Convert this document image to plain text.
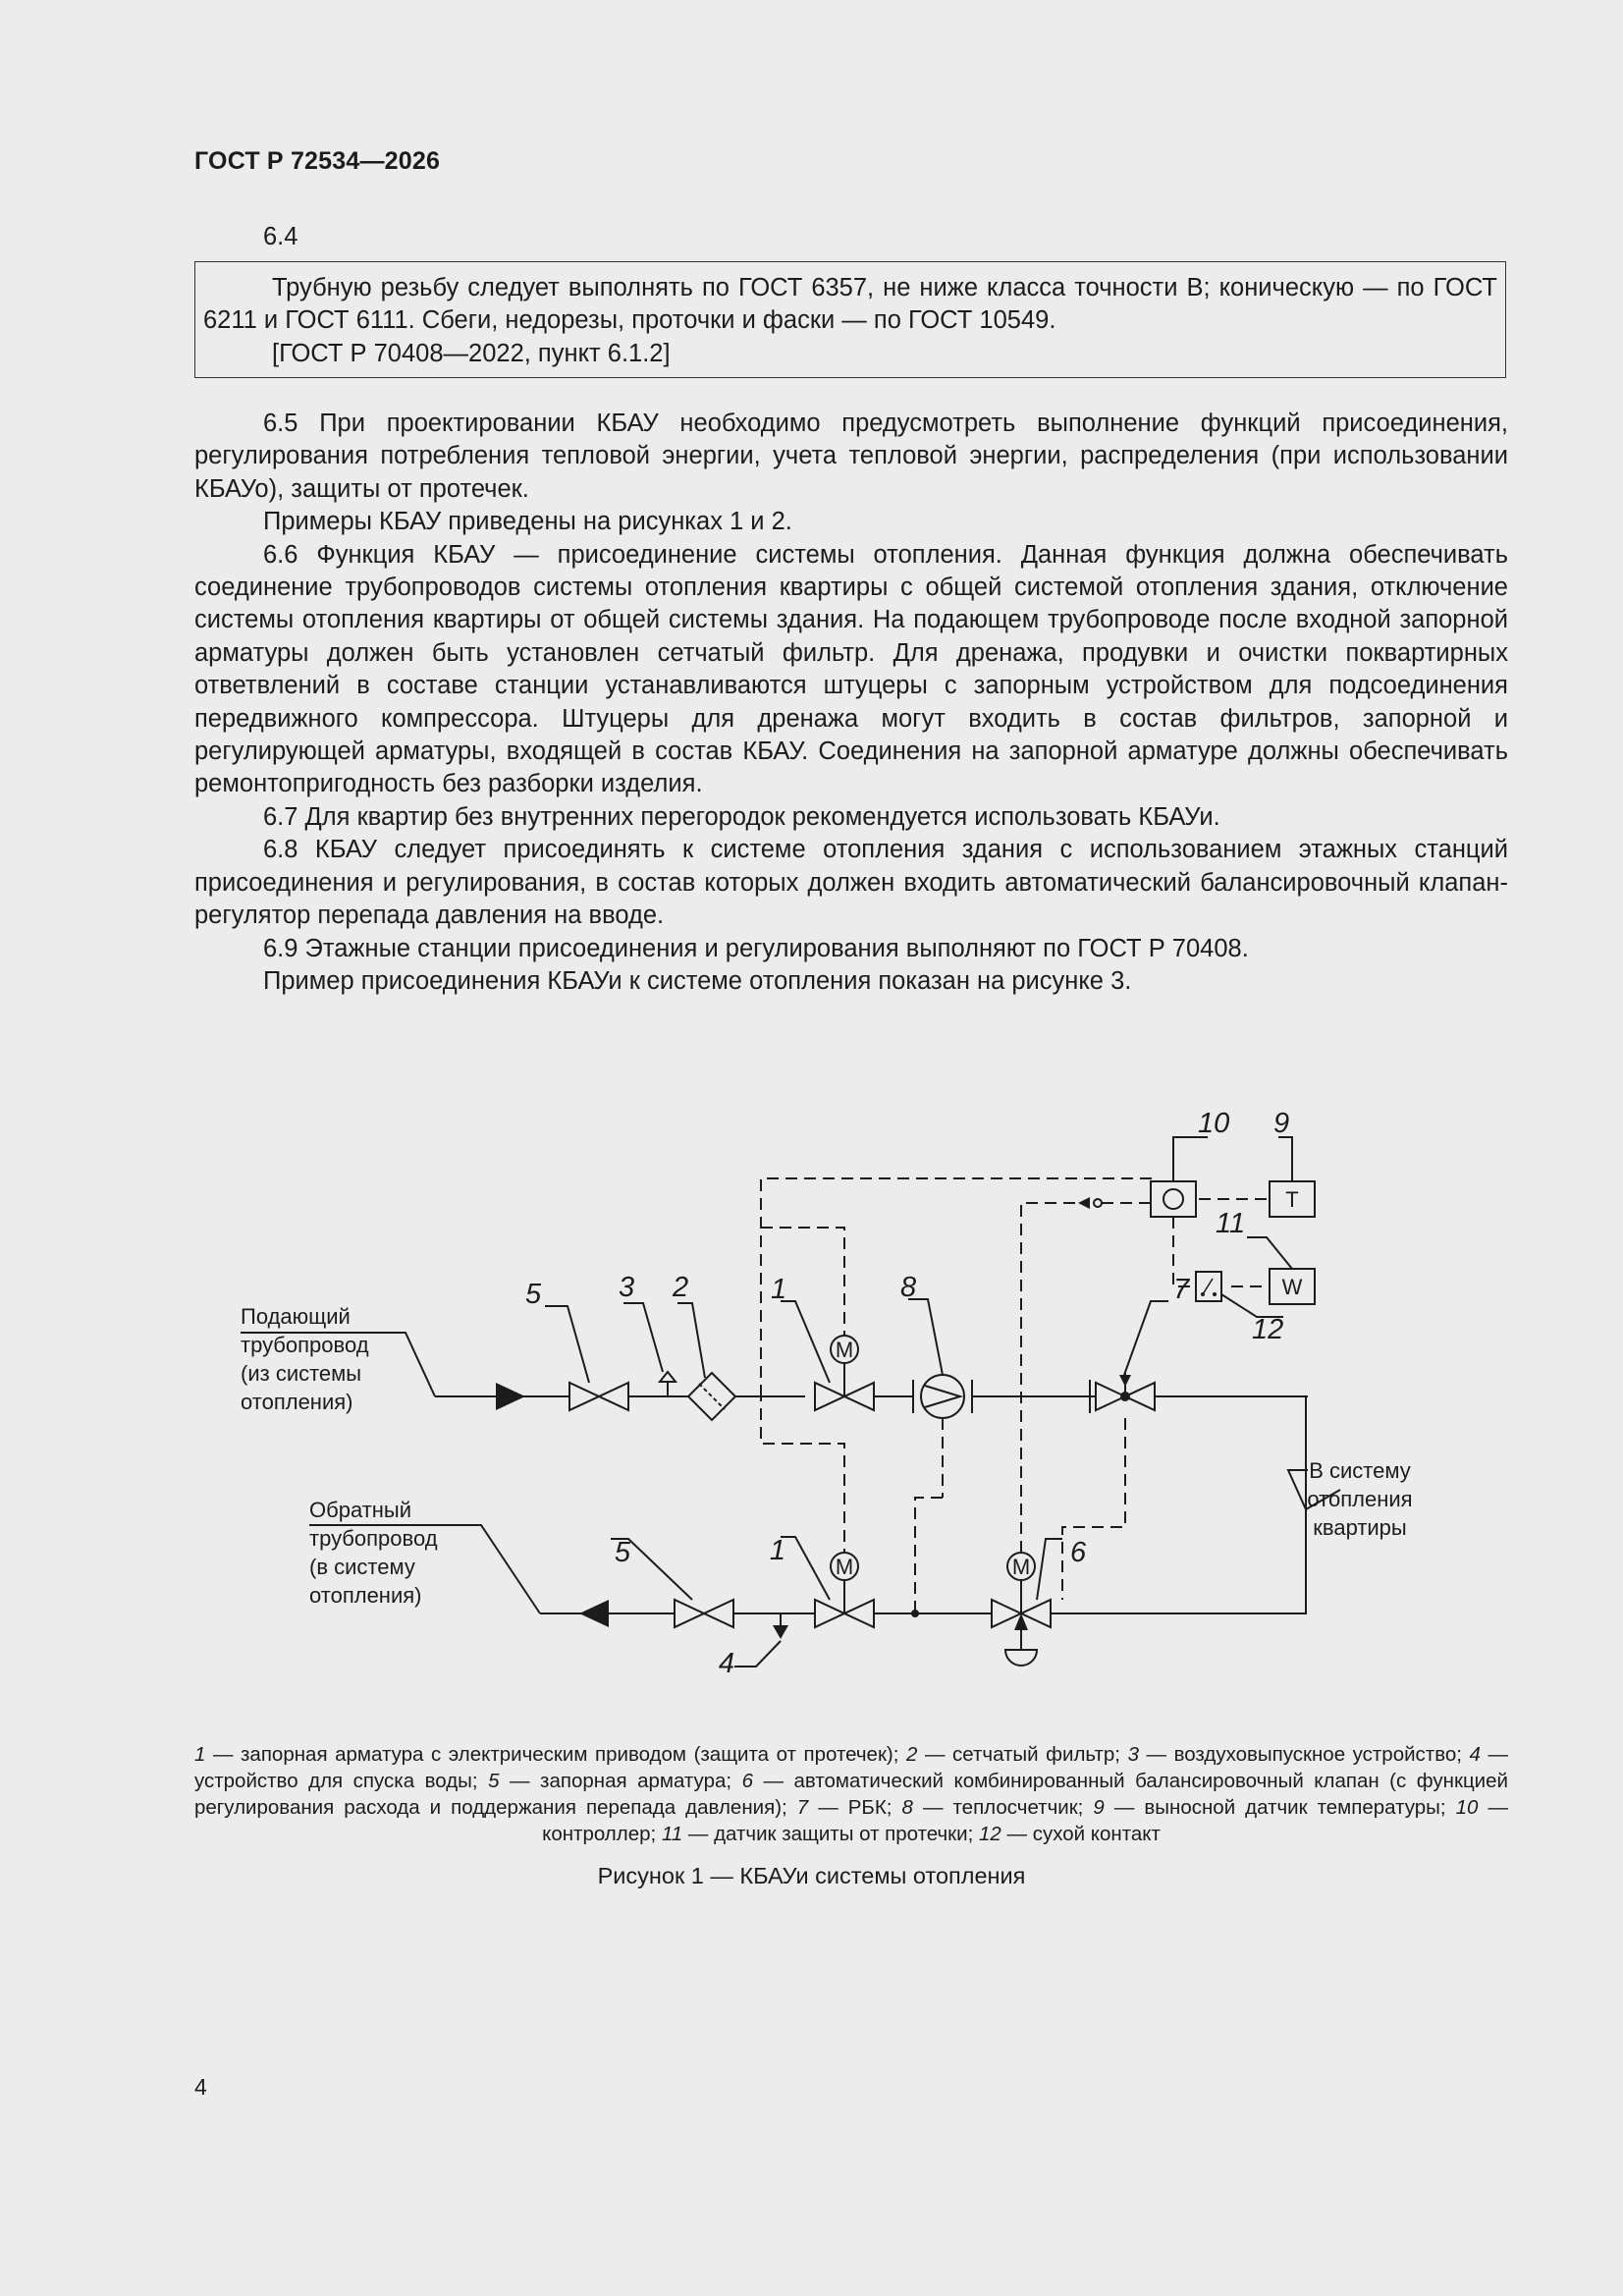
ГОСТ Р 72534—2026
6.4

Трубную резьбу следует выполнять по ГОСТ 6357, не ниже класса точности В; коническую — по ГОСТ 6211 и ГОСТ 6111. Сбеги, недорезы, проточки и фаски — по ГОСТ 10549.

[ГОСТ Р 70408—2022, пункт 6.1.2]

6.5 При проектировании КБАУ необходимо предусмотреть выполнение функций присоединения, регулирования потребления тепловой энергии, учета тепловой энергии, распределения (при использовании КБАУо), защиты от протечек.

Примеры КБАУ приведены на рисунках 1 и 2.

6.6 Функция КБАУ — присоединение системы отопления. Данная функция должна обеспечивать соединение трубопроводов системы отопления квартиры с общей системой отопления здания, отключение системы отопления квартиры от общей системы здания. На подающем трубопроводе после входной запорной арматуры должен быть установлен сетчатый фильтр. Для дренажа, продувки и очистки поквартирных ответвлений в составе станции устанавливаются штуцеры с запорным устройством для подсоединения передвижного компрессора. Штуцеры для дренажа могут входить в состав фильтров, запорной и регулирующей арматуры, входящей в состав КБАУ. Соединения на запорной арматуре должны обеспечивать ремонтопригодность без разборки изделия.

6.7 Для квартир без внутренних перегородок рекомендуется использовать КБАУи.

6.8 КБАУ следует присоединять к системе отопления здания с использованием этажных станций присоединения и регулирования, в состав которых должен входить автоматический балансировочный клапан-регулятор перепада давления на вводе.

6.9 Этажные станции присоединения и регулирования выполняют по ГОСТ Р 70408.

Пример присоединения КБАУи к системе отопления показан на рисунке 3.

M
M	M
T
W
5	3 2	1	8	7
12
10 9
11
5	1	6
4
Подающий
трубопровод
(из системы
отопления)
Обратный
трубопровод
(в систему
отопления)
В систему
отопления
квартиры
1 — запорная арматура с электрическим приводом (защита от протечек); 2 — сетчатый фильтр; 3 — воздуховыпускное устройство; 4 — устройство для спуска воды; 5 — запорная арматура; 6 — автоматический комбинированный балансировочный клапан (с функцией регулирования расхода и поддержания перепада давления); 7 — РБК; 8 — теплосчетчик; 9 — выносной датчик температуры; 10 — контроллер; 11 — датчик защиты от протечки; 12 — сухой контакт
Рисунок 1 — КБАУи системы отопления
4
